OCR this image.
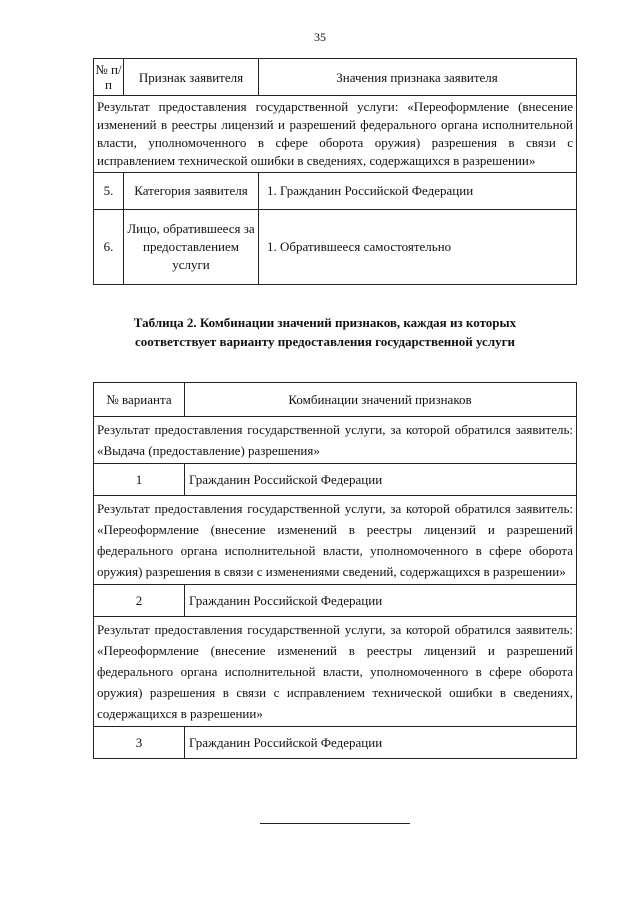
35
№ п/п	Признак заявителя	Значения признака заявителя
Результат предоставления государственной услуги: «Переоформление (внесение изменений в реестры лицензий и разрешений федерального органа исполнительной власти, уполномоченного в сфере оборота оружия) разрешения в связи с исправлением технической ошибки в сведениях, содержащихся в разрешении»		
5.	Категория заявителя	1. Гражданин Российской Федерации
6.	Лицо, обратившееся за предоставлением услуги	1. Обратившееся самостоятельно
Таблица 2. Комбинации значений признаков, каждая из которых соответствует варианту предоставления государственной услуги
№ варианта	Комбинации значений признаков
Результат предоставления государственной услуги, за которой обратился заявитель: «Выдача (предоставление) разрешения»	
1	Гражданин Российской Федерации
Результат предоставления государственной услуги, за которой обратился заявитель: «Переоформление (внесение изменений в реестры лицензий и разрешений федерального органа исполнительной власти, уполномоченного в сфере оборота оружия) разрешения в связи с изменениями сведений, содержащихся в разрешении»	
2	Гражданин Российской Федерации
Результат предоставления государственной услуги, за которой обратился заявитель: «Переоформление (внесение изменений в реестры лицензий и разрешений федерального органа исполнительной власти, уполномоченного в сфере оборота оружия) разрешения в связи с исправлением технической ошибки в сведениях, содержащихся в разрешении»	
3	Гражданин Российской Федерации
